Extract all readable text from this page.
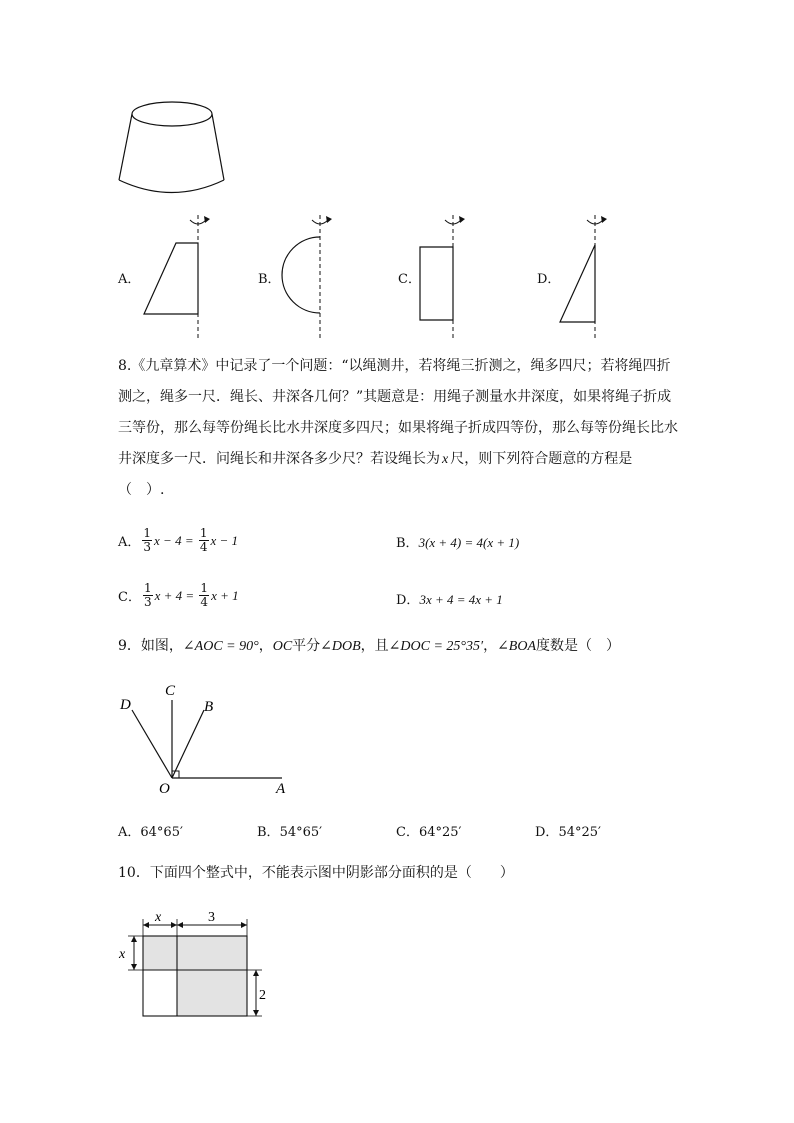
A．	B．	C．	D．
8.《九章算术》中记录了一个问题：“以绳测井，若将绳三折测之，绳多四尺；若将绳四折
测之，绳多一尺．绳长、井深各几何？”其题意是：用绳子测量水井深度，如果将绳子折成
三等份，那么每等份绳长比水井深度多四尺；如果将绳子折成四等份，那么每等份绳长比水
井深度多一尺．问绳长和井深各多少尺？若设绳长为 x 尺，则下列符合题意的方程是
（　）.
A． $\frac{1}{3}$ $x - 4 = \frac{1}{4}$ x − 1	B．3(x + 4) = 4(x + 1)
C． $\frac{1}{3}$ $x + 4 = \frac{1}{4}$ x + 1	D．3x + 4 = 4x + 1
9．如图，∠AOC = 90°，OC平分∠DOB，且∠DOC = 25°35′，∠BOA度数是（　）
D
C
B
O	A
A．64°65′	B．54°65′	C．64°25′	D．54°25′
10．下面四个整式中，不能表示图中阴影部分面积的是（　　）
x	3
x
2
